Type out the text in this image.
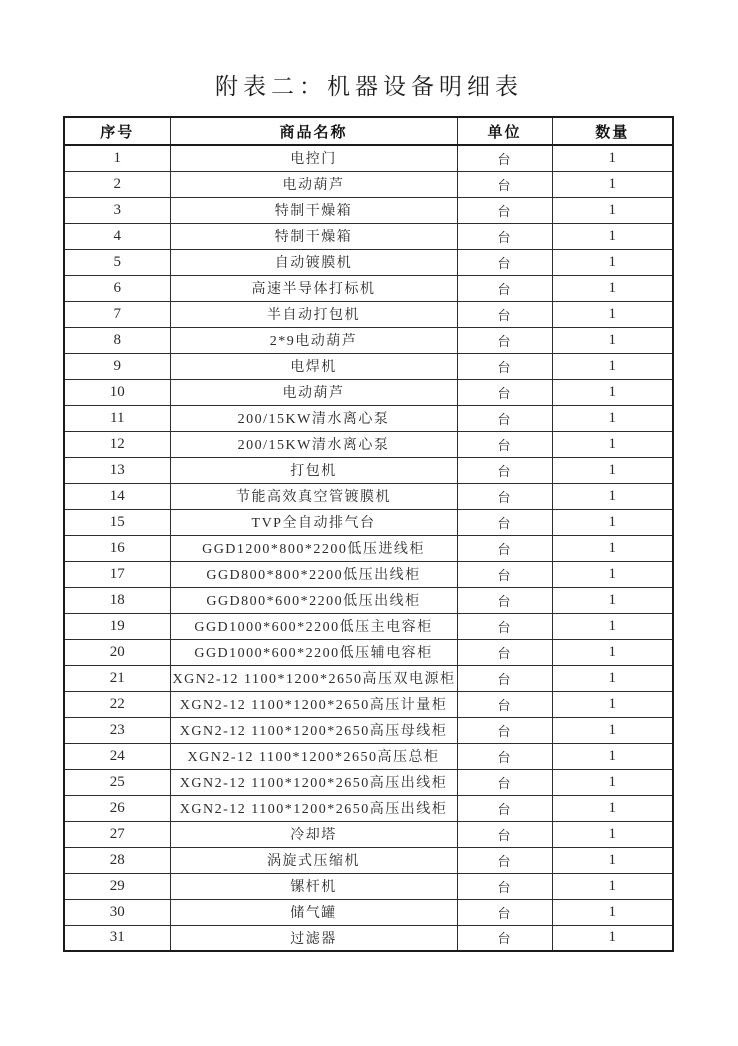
附表二：机器设备明细表
序号	商品名称	单位	数量
1	电控门	台	1
2	电动葫芦	台	1
3	特制干燥箱	台	1
4	特制干燥箱	台	1
5	自动镀膜机	台	1
6	高速半导体打标机	台	1
7	半自动打包机	台	1
8	2*9电动葫芦	台	1
9	电焊机	台	1
10	电动葫芦	台	1
11	200/15KW清水离心泵	台	1
12	200/15KW清水离心泵	台	1
13	打包机	台	1
14	节能高效真空管镀膜机	台	1
15	TVP全自动排气台	台	1
16	GGD1200*800*2200低压进线柜	台	1
17	GGD800*800*2200低压出线柜	台	1
18	GGD800*600*2200低压出线柜	台	1
19	GGD1000*600*2200低压主电容柜	台	1
20	GGD1000*600*2200低压辅电容柜	台	1
21	XGN2-12 1100*1200*2650高压双电源柜	台	1
22	XGN2-12 1100*1200*2650高压计量柜	台	1
23	XGN2-12 1100*1200*2650高压母线柜	台	1
24	XGN2-12 1100*1200*2650高压总柜	台	1
25	XGN2-12 1100*1200*2650高压出线柜	台	1
26	XGN2-12 1100*1200*2650高压出线柜	台	1
27	冷却塔	台	1
28	涡旋式压缩机	台	1
29	镙杆机	台	1
30	储气罐	台	1
31	过滤器	台	1
